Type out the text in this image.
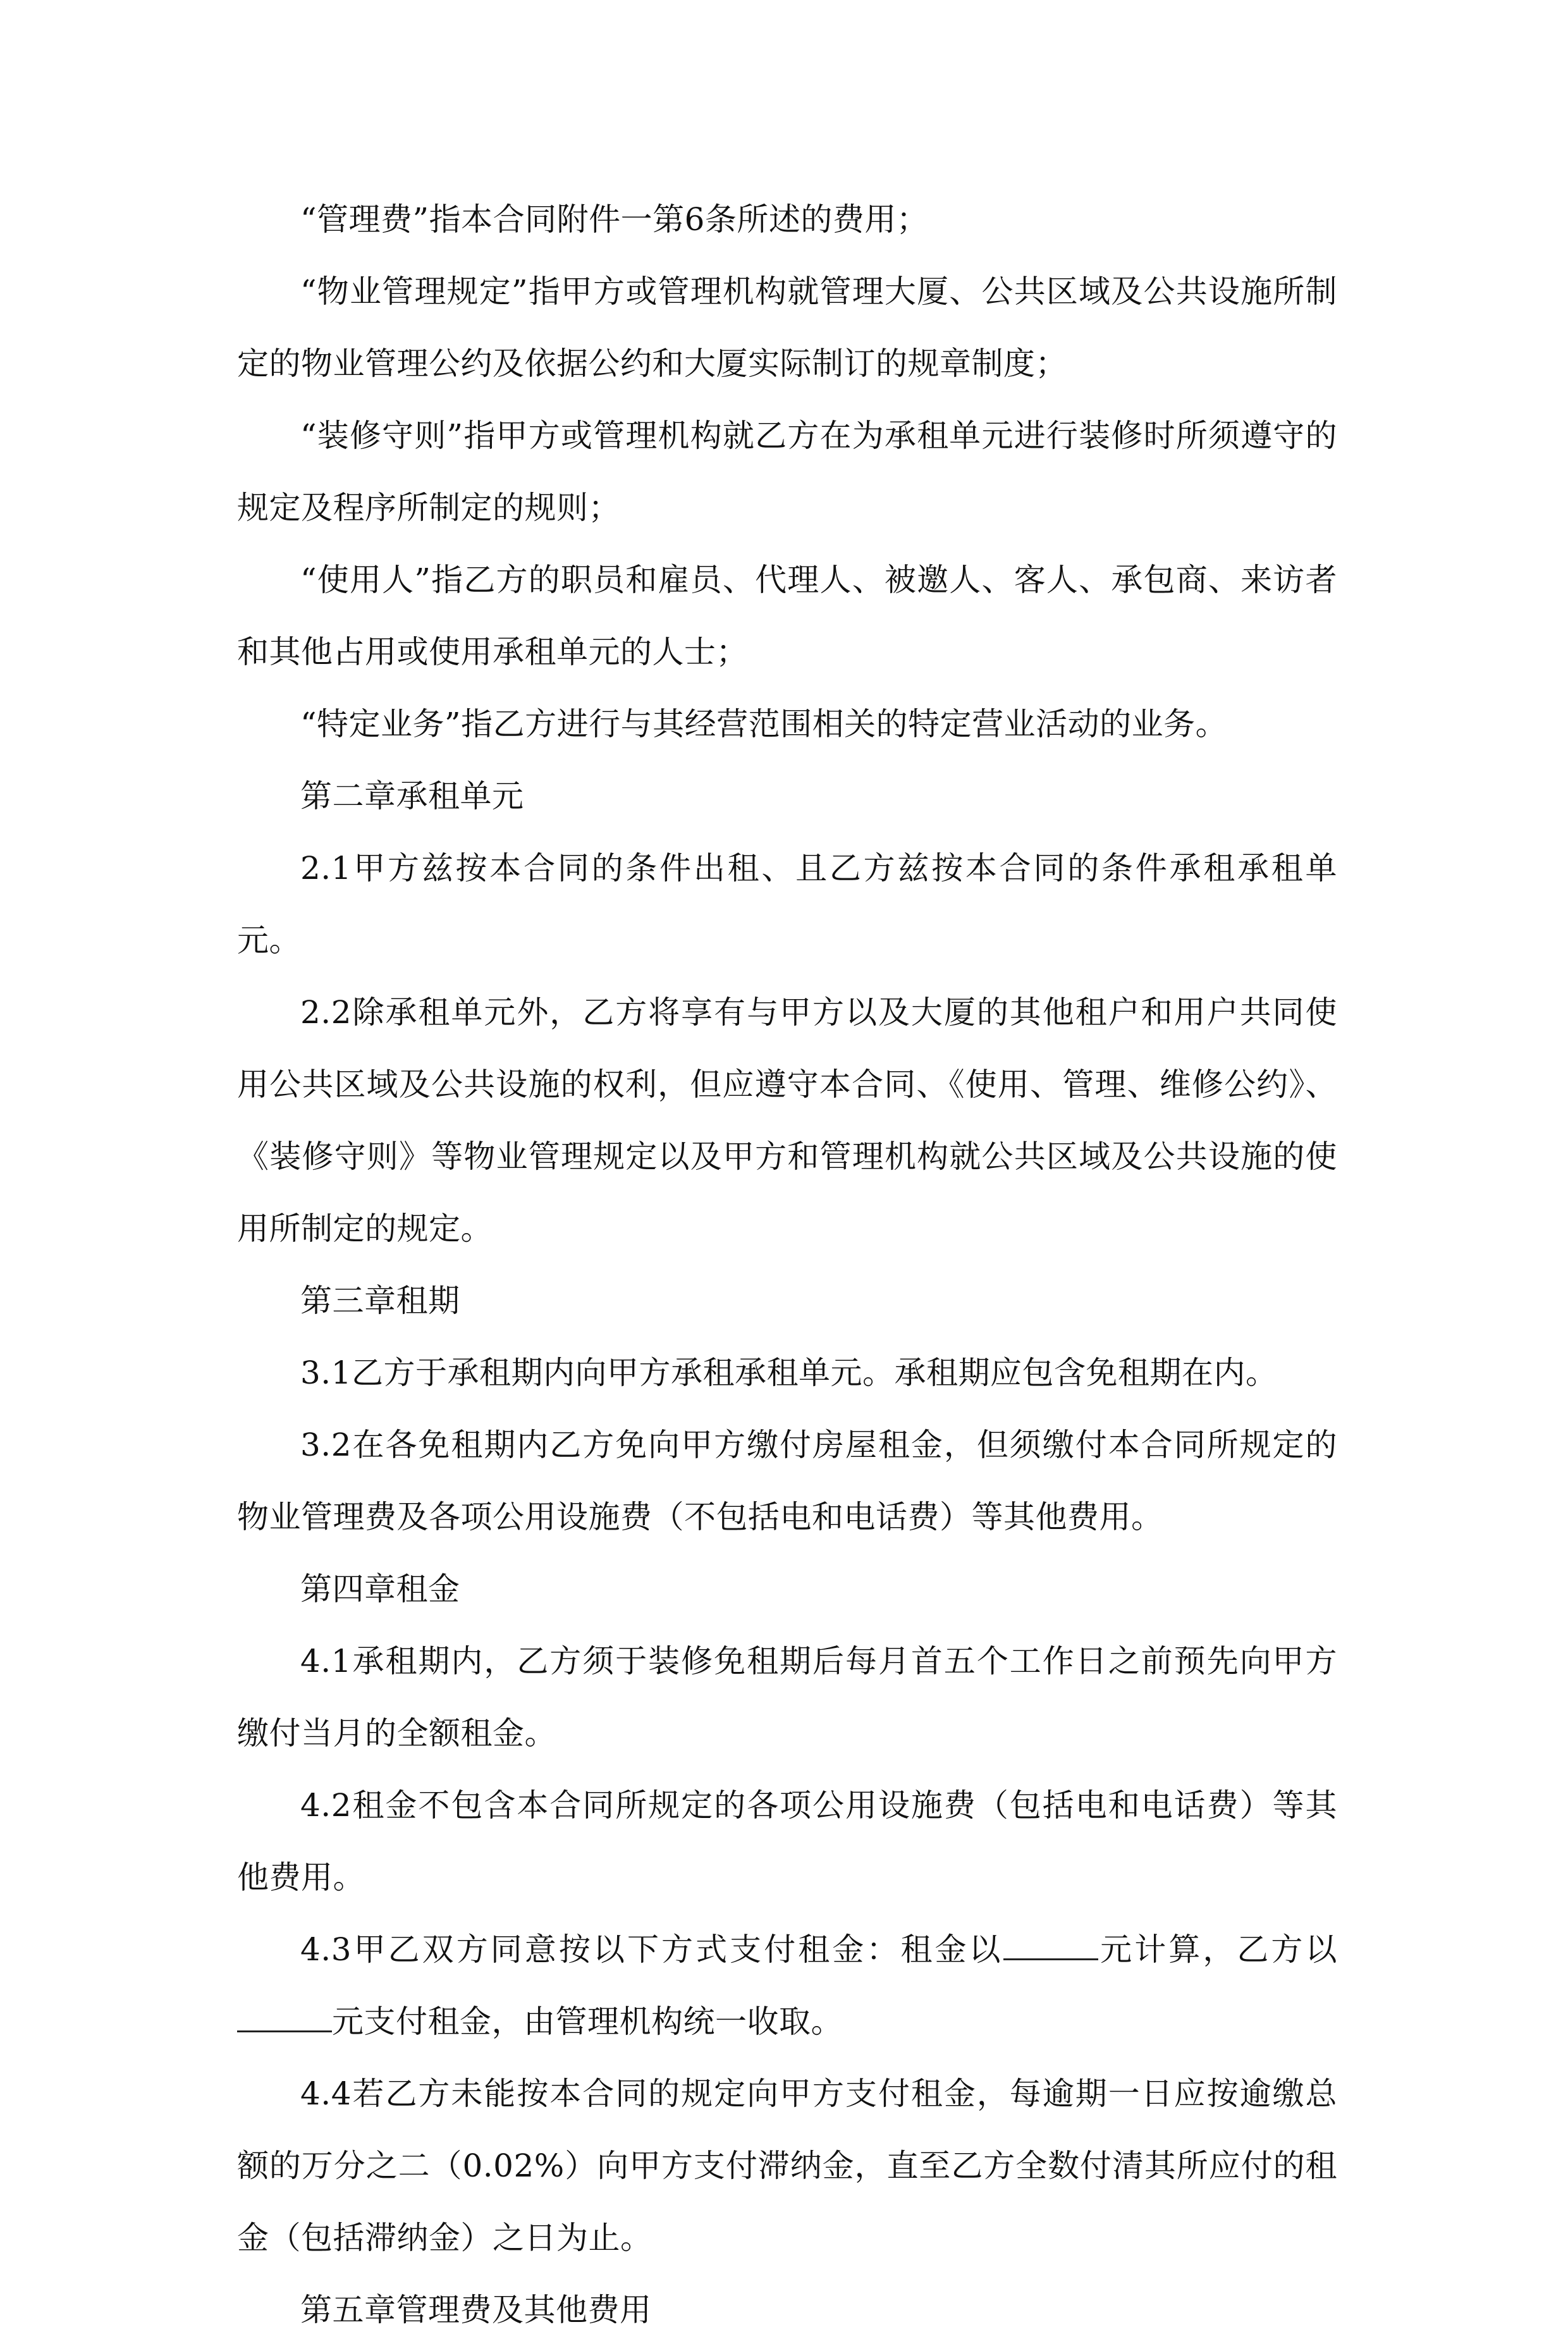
“管理费”指本合同附件一第6条所述的费用；

“物业管理规定”指甲方或管理机构就管理大厦、公共区域及公共设施所制定的物业管理公约及依据公约和大厦实际制订的规章制度；

“装修守则”指甲方或管理机构就乙方在为承租单元进行装修时所须遵守的规定及程序所制定的规则；

“使用人”指乙方的职员和雇员、代理人、被邀人、客人、承包商、来访者和其他占用或使用承租单元的人士；

“特定业务”指乙方进行与其经营范围相关的特定营业活动的业务。

第二章承租单元

2.1甲方兹按本合同的条件出租、且乙方兹按本合同的条件承租承租单元。

2.2除承租单元外，乙方将享有与甲方以及大厦的其他租户和用户共同使用公共区域及公共设施的权利，但应遵守本合同、《使用、管理、维修公约》、《装修守则》等物业管理规定以及甲方和管理机构就公共区域及公共设施的使用所制定的规定。

第三章租期

3.1乙方于承租期内向甲方承租承租单元。承租期应包含免租期在内。

3.2在各免租期内乙方免向甲方缴付房屋租金，但须缴付本合同所规定的物业管理费及各项公用设施费（不包括电和电话费）等其他费用。

第四章租金

4.1承租期内，乙方须于装修免租期后每月首五个工作日之前预先向甲方缴付当月的全额租金。

4.2租金不包含本合同所规定的各项公用设施费（包括电和电话费）等其他费用。

4.3甲乙双方同意按以下方式支付租金：租金以	元计算，乙方以元支付租金，由管理机构统一收取。

4.4若乙方未能按本合同的规定向甲方支付租金，每逾期一日应按逾缴总额的万分之二（0.02%）向甲方支付滞纳金，直至乙方全数付清其所应付的租金（包括滞纳金）之日为止。

第五章管理费及其他费用
